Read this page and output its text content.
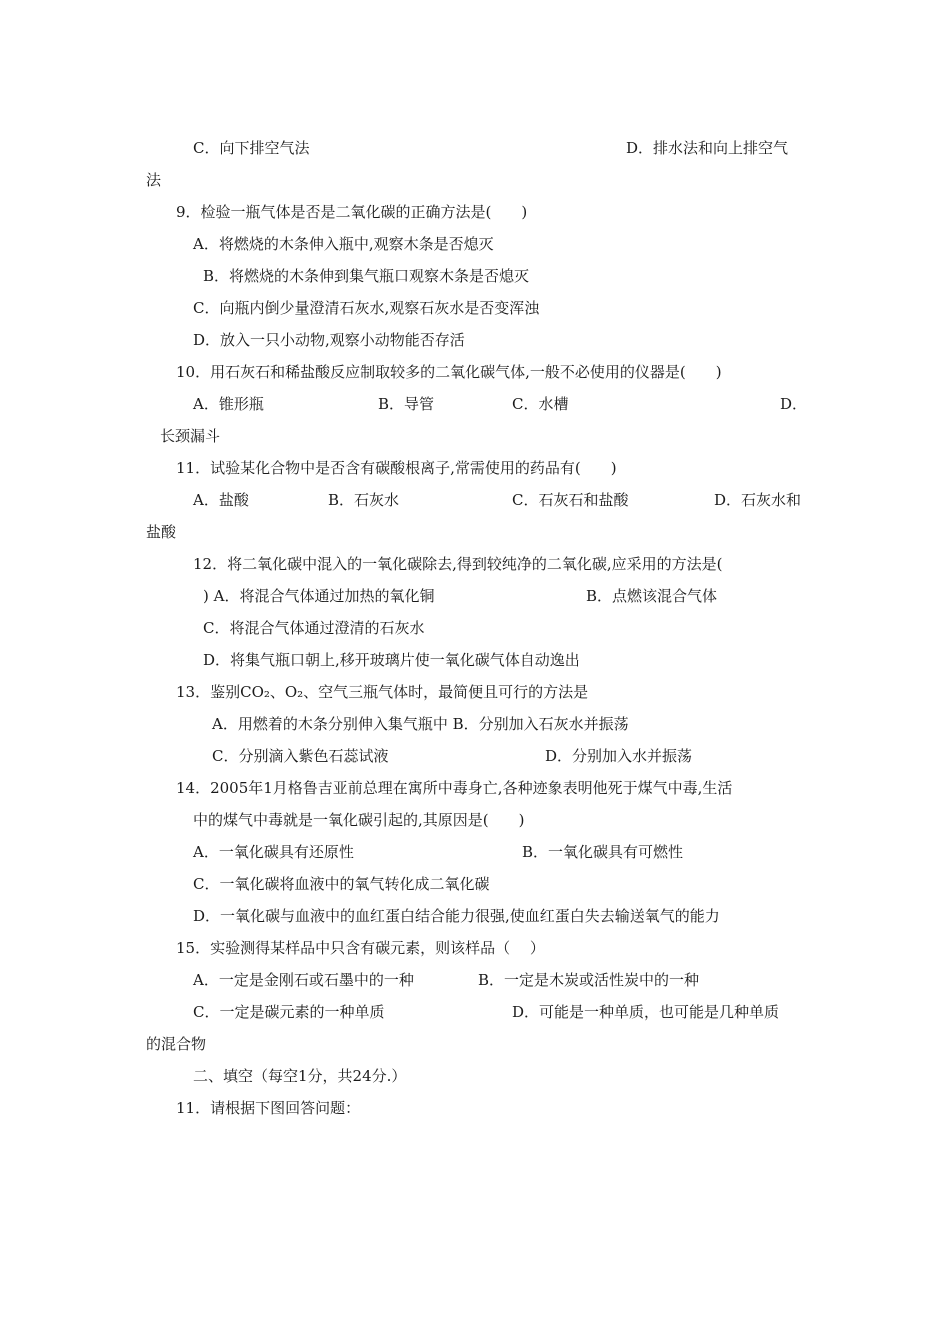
C．向下排空气法	D．排水法和向上排空气
法
9．检验一瓶气体是否是二氧化碳的正确方法是(　　)
A．将燃烧的木条伸入瓶中,观察木条是否熄灭
B．将燃烧的木条伸到集气瓶口观察木条是否熄灭
C．向瓶内倒少量澄清石灰水,观察石灰水是否变浑浊
D．放入一只小动物,观察小动物能否存活
10．用石灰石和稀盐酸反应制取较多的二氧化碳气体,一般不必使用的仪器是(　　)
A．锥形瓶	B．导管	C．水槽	D．
长颈漏斗
11．试验某化合物中是否含有碳酸根离子,常需使用的药品有(　　)
A．盐酸	B．石灰水	C．石灰石和盐酸	D．石灰水和
盐酸
12．将二氧化碳中混入的一氧化碳除去,得到较纯净的二氧化碳,应采用的方法是(
) A．将混合气体通过加热的氧化铜	B．点燃该混合气体
C．将混合气体通过澄清的石灰水
D．将集气瓶口朝上,移开玻璃片使一氧化碳气体自动逸出
13．鉴别CO₂、O₂、空气三瓶气体时，最简便且可行的方法是
A．用燃着的木条分别伸入集气瓶中 B．分别加入石灰水并振荡
C．分别滴入紫色石蕊试液	D．分别加入水并振荡
14．2005年1月格鲁吉亚前总理在寓所中毒身亡,各种迹象表明他死于煤气中毒,生活
中的煤气中毒就是一氧化碳引起的,其原因是(　　)
A．一氧化碳具有还原性	B．一氧化碳具有可燃性
C．一氧化碳将血液中的氧气转化成二氧化碳
D．一氧化碳与血液中的血红蛋白结合能力很强,使血红蛋白失去输送氧气的能力
15．实验测得某样品中只含有碳元素，则该样品（　 ）
A．一定是金刚石或石墨中的一种	B．一定是木炭或活性炭中的一种
C．一定是碳元素的一种单质	D．可能是一种单质，也可能是几种单质
的混合物
二、填空（每空1分，共24分.）
11．请根据下图回答问题：
